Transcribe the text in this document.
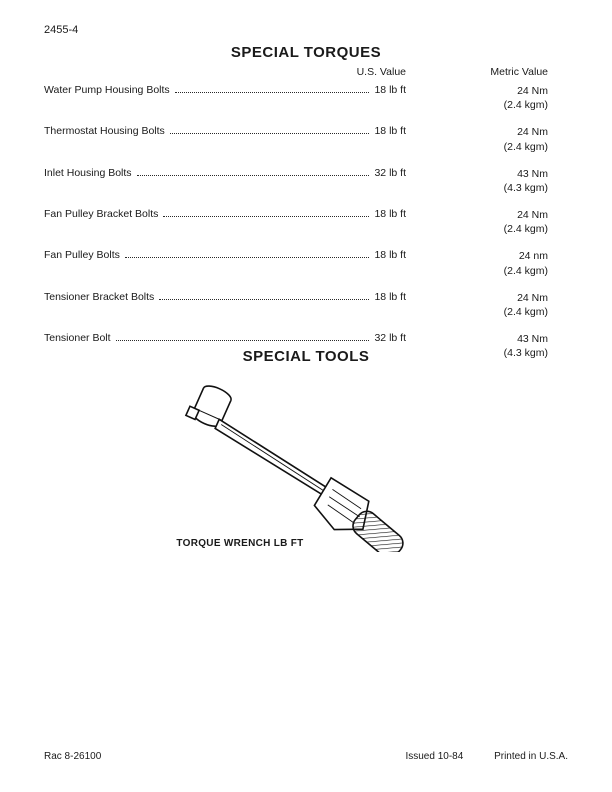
2455-4
SPECIAL TORQUES
U.S. Value	Metric Value
Water Pump Housing Bolts	18 lb ft	24 Nm
(2.4 kgm)
Thermostat Housing Bolts	18 lb ft	24 Nm
(2.4 kgm)
Inlet Housing Bolts	32 lb ft	43 Nm
(4.3 kgm)
Fan Pulley Bracket Bolts	18 lb ft	24 Nm
(2.4 kgm)
Fan Pulley Bolts	18 lb ft	24 nm
(2.4 kgm)
Tensioner Bracket Bolts	18 lb ft	24 Nm
(2.4 kgm)
Tensioner Bolt	32 lb ft	43 Nm
(4.3 kgm)
SPECIAL TOOLS
TORQUE WRENCH LB FT
Rac 8-26100	Issued 10-84	Printed in U.S.A.
